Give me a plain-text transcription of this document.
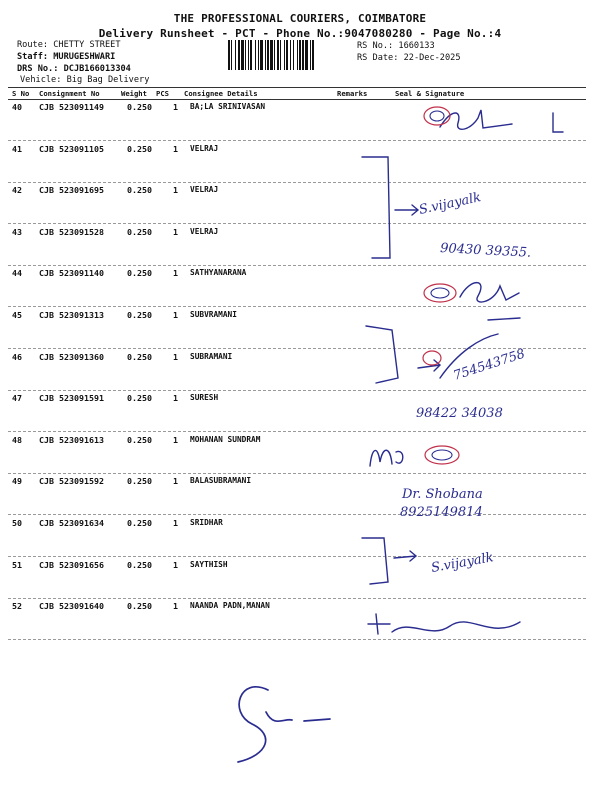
THE PROFESSIONAL COURIERS, COIMBATORE
Delivery Runsheet - PCT - Phone No.:9047080280 - Page No.:4
Route: CHETTY STREET
Staff: MURUGESHWARI
DRS No.: DCJB166013304
Vehicle: Big Bag Delivery
RS No.: 1660133
RS Date: 22-Dec-2025
S No Consignment No	Weight PCS Consignee Details	Remarks	Seal & Signature
40 CJB 523091149	0.250	1 BA;LA SRINIVASAN
41 CJB 523091105	0.250	1 VELRAJ
42 CJB 523091695	0.250	1 VELRAJ
43 CJB 523091528	0.250	1 VELRAJ
44 CJB 523091140	0.250	1 SATHYANARANA
45 CJB 523091313	0.250	1 SUBVRAMANI
46 CJB 523091360	0.250	1 SUBRAMANI
47 CJB 523091591	0.250	1 SURESH
48 CJB 523091613	0.250	1 MOHANAN SUNDRAM
49 CJB 523091592	0.250	1 BALASUBRAMANI
50 CJB 523091634	0.250	1 SRIDHAR
51 CJB 523091656	0.250	1 SAYTHISH
52 CJB 523091640	0.250	1 NAANDA PADN,MANAN
S.vijayalk
90430 39355.
754543758
98422 34038
Dr. Shobana
8925149814
S.vijayalk
